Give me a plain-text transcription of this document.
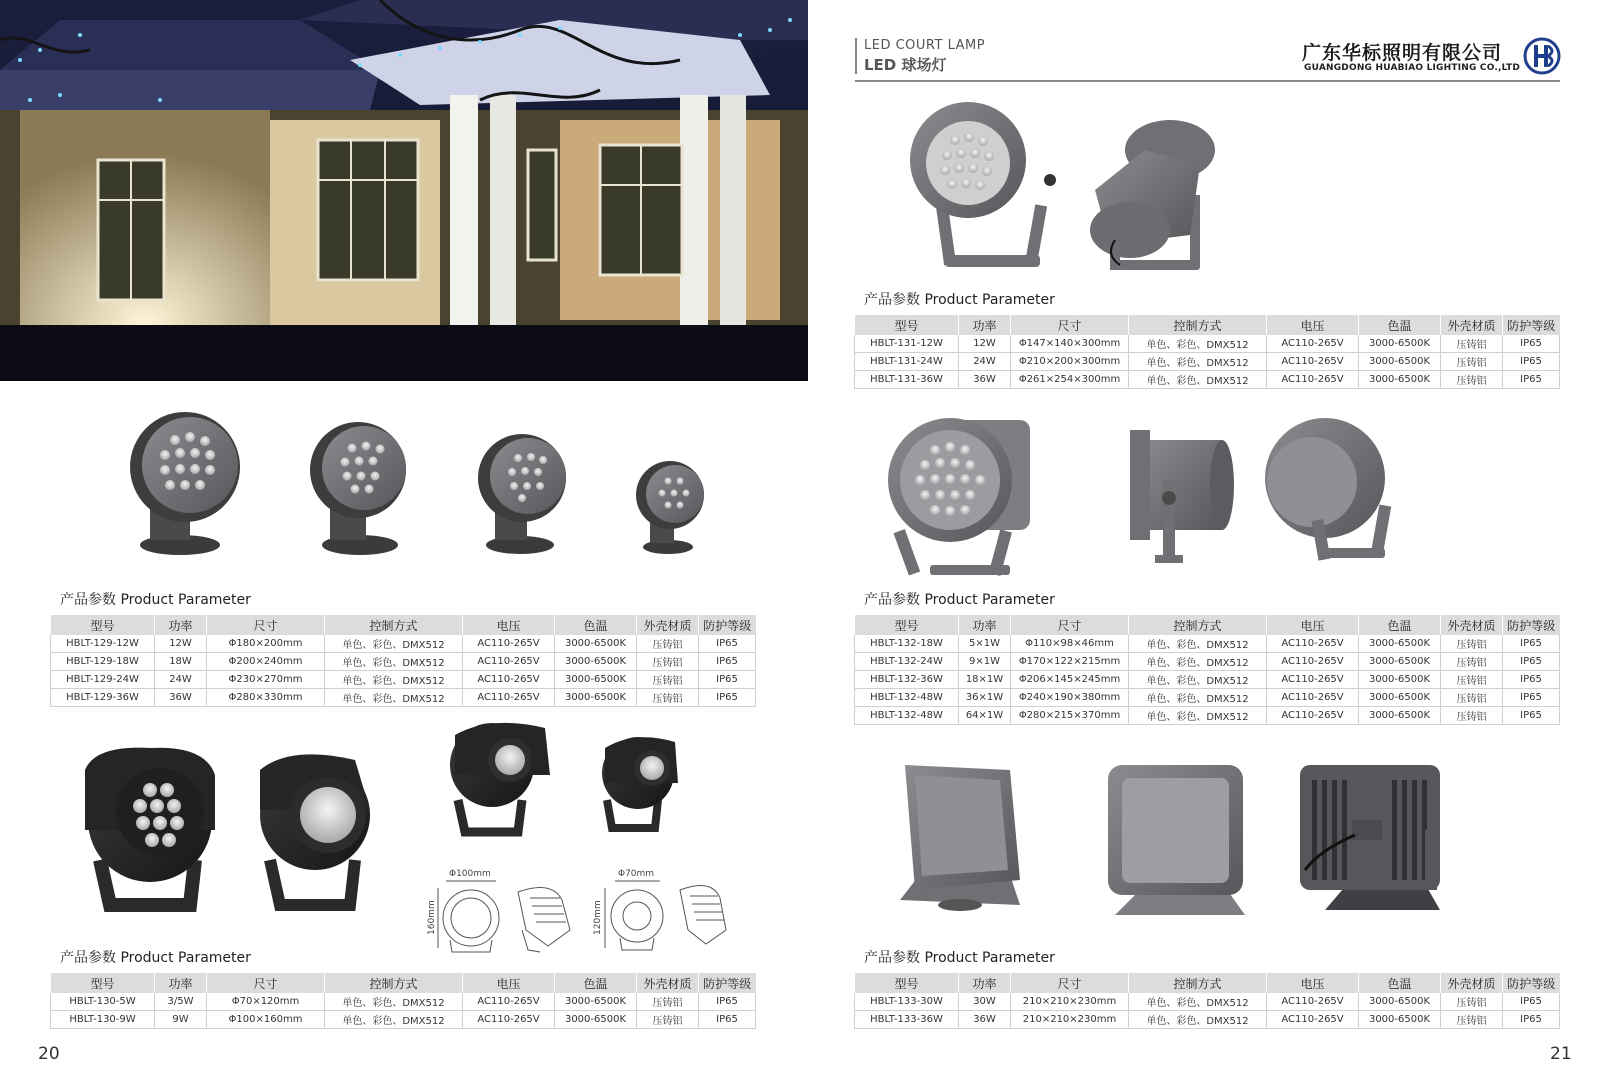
LED COURT LAMP
LED 球场灯
广东华标照明有限公司
GUANGDONG HUABIAO LIGHTING CO.,LTD
Φ100mm
160mm
Φ70mm
120mm
产品参数 Product Parameter
产品参数 Product Parameter	产品参数 Product Parameter
产品参数 Product Parameter	产品参数 Product Parameter
型号	功率	尺寸	控制方式	电压	色温	外壳材质	防护等级
HBLT-131-12W	12W	Φ147×140×300mm	单色、彩色、DMX512	AC110-265V	3000-6500K	压铸铝	IP65
HBLT-131-24W	24W	Φ210×200×300mm	单色、彩色、DMX512	AC110-265V	3000-6500K	压铸铝	IP65
HBLT-131-36W	36W	Φ261×254×300mm	单色、彩色、DMX512	AC110-265V	3000-6500K	压铸铝	IP65
型号	功率	尺寸	控制方式	电压	色温	外壳材质	防护等级
HBLT-129-12W	12W	Φ180×200mm	单色、彩色、DMX512	AC110-265V	3000-6500K	压铸铝	IP65
HBLT-129-18W	18W	Φ200×240mm	单色、彩色、DMX512	AC110-265V	3000-6500K	压铸铝	IP65
HBLT-129-24W	24W	Φ230×270mm	单色、彩色、DMX512	AC110-265V	3000-6500K	压铸铝	IP65
HBLT-129-36W	36W	Φ280×330mm	单色、彩色、DMX512	AC110-265V	3000-6500K	压铸铝	IP65
型号	功率	尺寸	控制方式	电压	色温	外壳材质	防护等级
HBLT-132-18W	5×1W	Φ110×98×46mm	单色、彩色、DMX512	AC110-265V	3000-6500K	压铸铝	IP65
HBLT-132-24W	9×1W	Φ170×122×215mm	单色、彩色、DMX512	AC110-265V	3000-6500K	压铸铝	IP65
HBLT-132-36W	18×1W	Φ206×145×245mm	单色、彩色、DMX512	AC110-265V	3000-6500K	压铸铝	IP65
HBLT-132-48W	36×1W	Φ240×190×380mm	单色、彩色、DMX512	AC110-265V	3000-6500K	压铸铝	IP65
HBLT-132-48W	64×1W	Φ280×215×370mm	单色、彩色、DMX512	AC110-265V	3000-6500K	压铸铝	IP65
型号	功率	尺寸	控制方式	电压	色温	外壳材质	防护等级
HBLT-130-5W	3/5W	Φ70×120mm	单色、彩色、DMX512	AC110-265V	3000-6500K	压铸铝	IP65
HBLT-130-9W	9W	Φ100×160mm	单色、彩色、DMX512	AC110-265V	3000-6500K	压铸铝	IP65
型号	功率	尺寸	控制方式	电压	色温	外壳材质	防护等级
HBLT-133-30W	30W	210×210×230mm	单色、彩色、DMX512	AC110-265V	3000-6500K	压铸铝	IP65
HBLT-133-36W	36W	210×210×230mm	单色、彩色、DMX512	AC110-265V	3000-6500K	压铸铝	IP65
20	21
